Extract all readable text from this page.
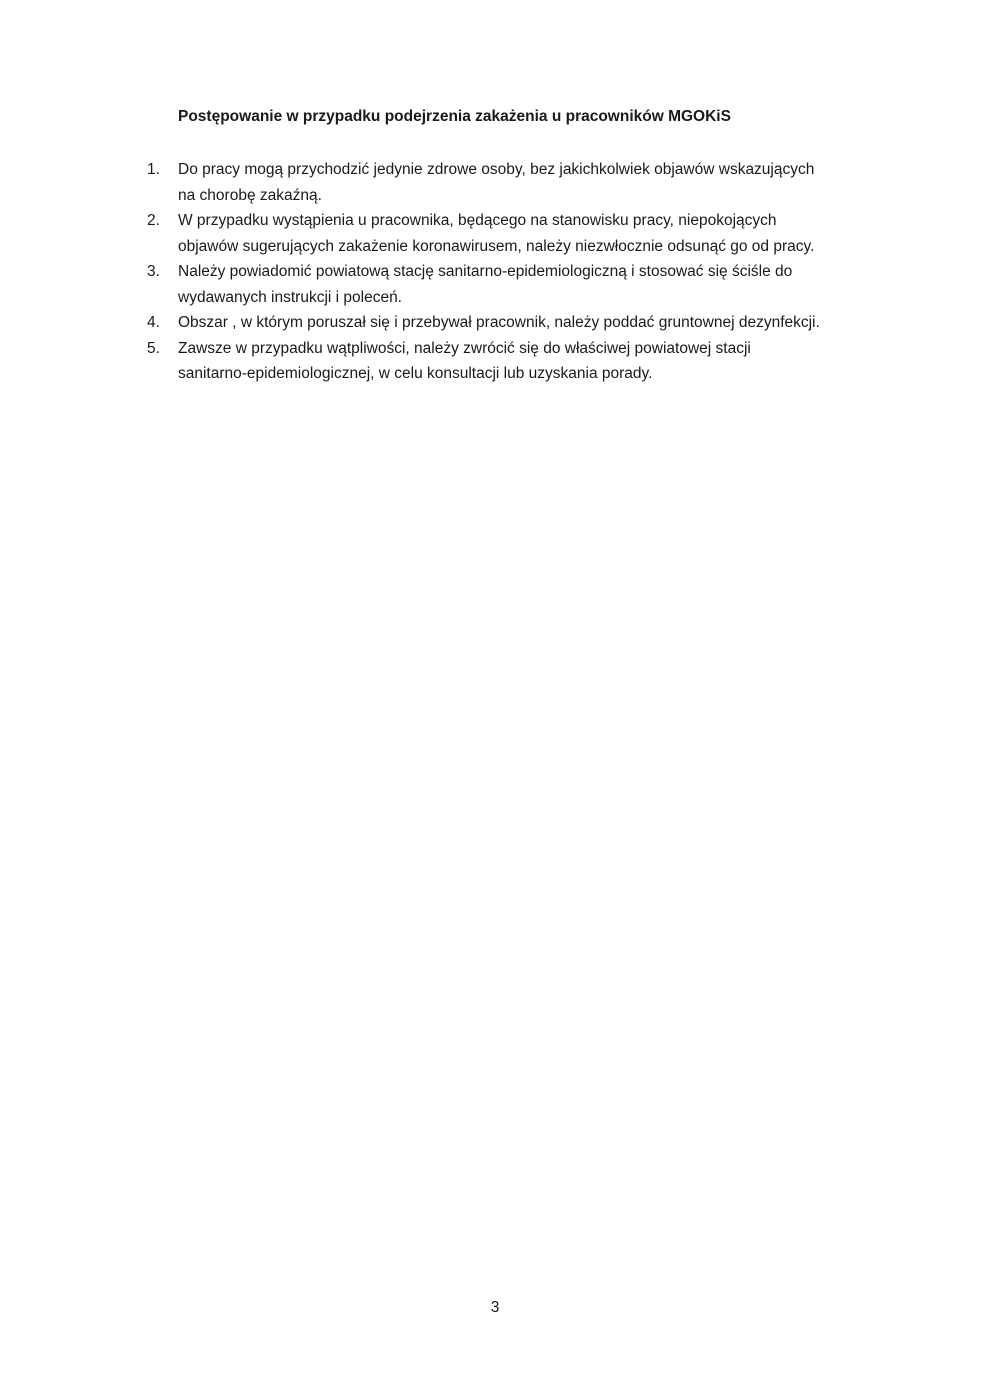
Postępowanie w przypadku podejrzenia zakażenia u pracowników MGOKiS
1.	Do pracy mogą przychodzić jedynie zdrowe osoby, bez jakichkolwiek objawów wskazujących
na chorobę zakaźną.
2.	W przypadku wystąpienia u pracownika, będącego na stanowisku pracy, niepokojących
objawów sugerujących zakażenie koronawirusem, należy niezwłocznie odsunąć go od pracy.
3.	Należy powiadomić powiatową stację sanitarno-epidemiologiczną i stosować się ściśle do
wydawanych instrukcji i poleceń.
4.	Obszar , w którym poruszał się i przebywał pracownik, należy poddać gruntownej dezynfekcji.
5.	Zawsze w przypadku wątpliwości, należy zwrócić się do właściwej powiatowej stacji
sanitarno-epidemiologicznej, w celu konsultacji lub uzyskania porady.
3
